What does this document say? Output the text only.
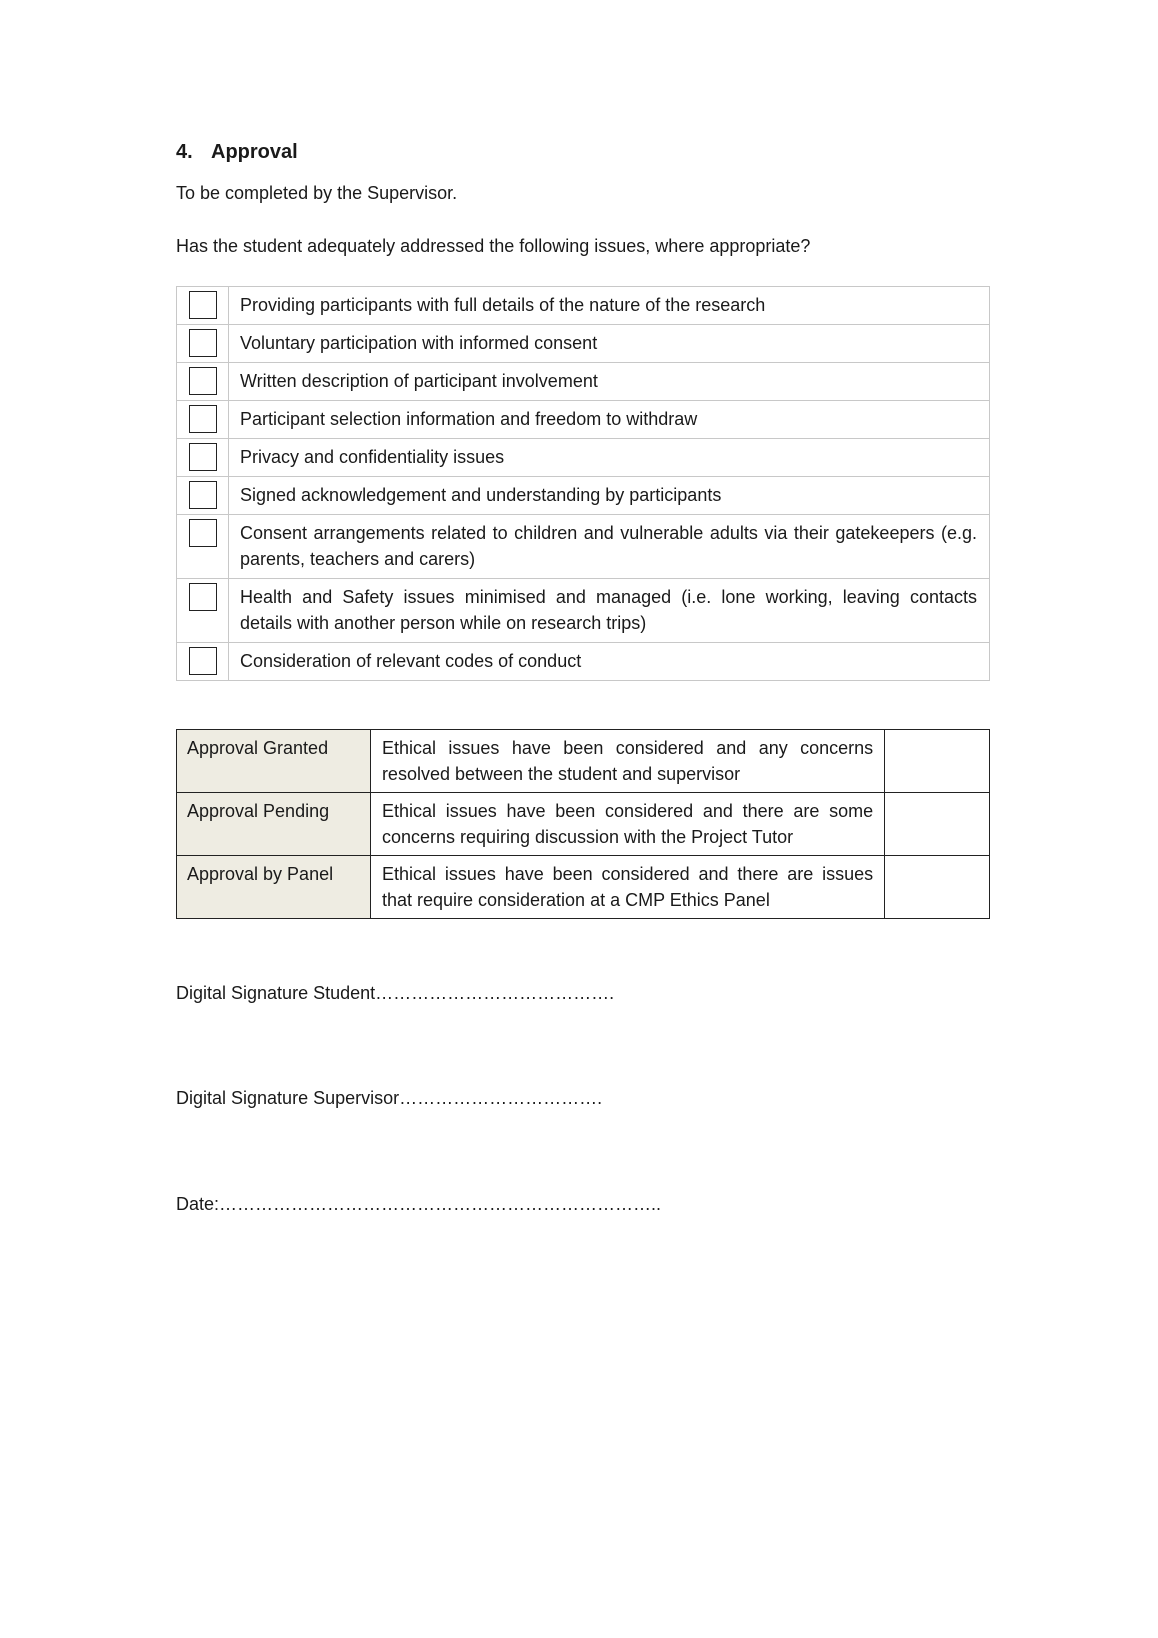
4. Approval

To be completed by the Supervisor.

Has the student adequately addressed the following issues, where appropriate?

	Providing participants with full details of the nature of the research

	Voluntary participation with informed consent

	Written description of participant involvement

	Participant selection information and freedom to withdraw

	Privacy and confidentiality issues

	Signed acknowledgement and understanding by participants

	Consent arrangements related to children and vulnerable adults via their gatekeepers (e.g. parents, teachers and carers)

	Health and Safety issues minimised and managed (i.e. lone working, leaving contacts details with another person while on research trips)

	Consideration of relevant codes of conduct
Approval Granted	Ethical issues have been considered and any concerns resolved between the student and supervisor	
Approval Pending	Ethical issues have been considered and there are some concerns requiring discussion with the Project Tutor	
Approval by Panel	Ethical issues have been considered and there are issues that require consideration at a CMP Ethics Panel	

Digital Signature Student………………………………….

Digital Signature Supervisor…………………………….

Date:………………………………………………………………..
